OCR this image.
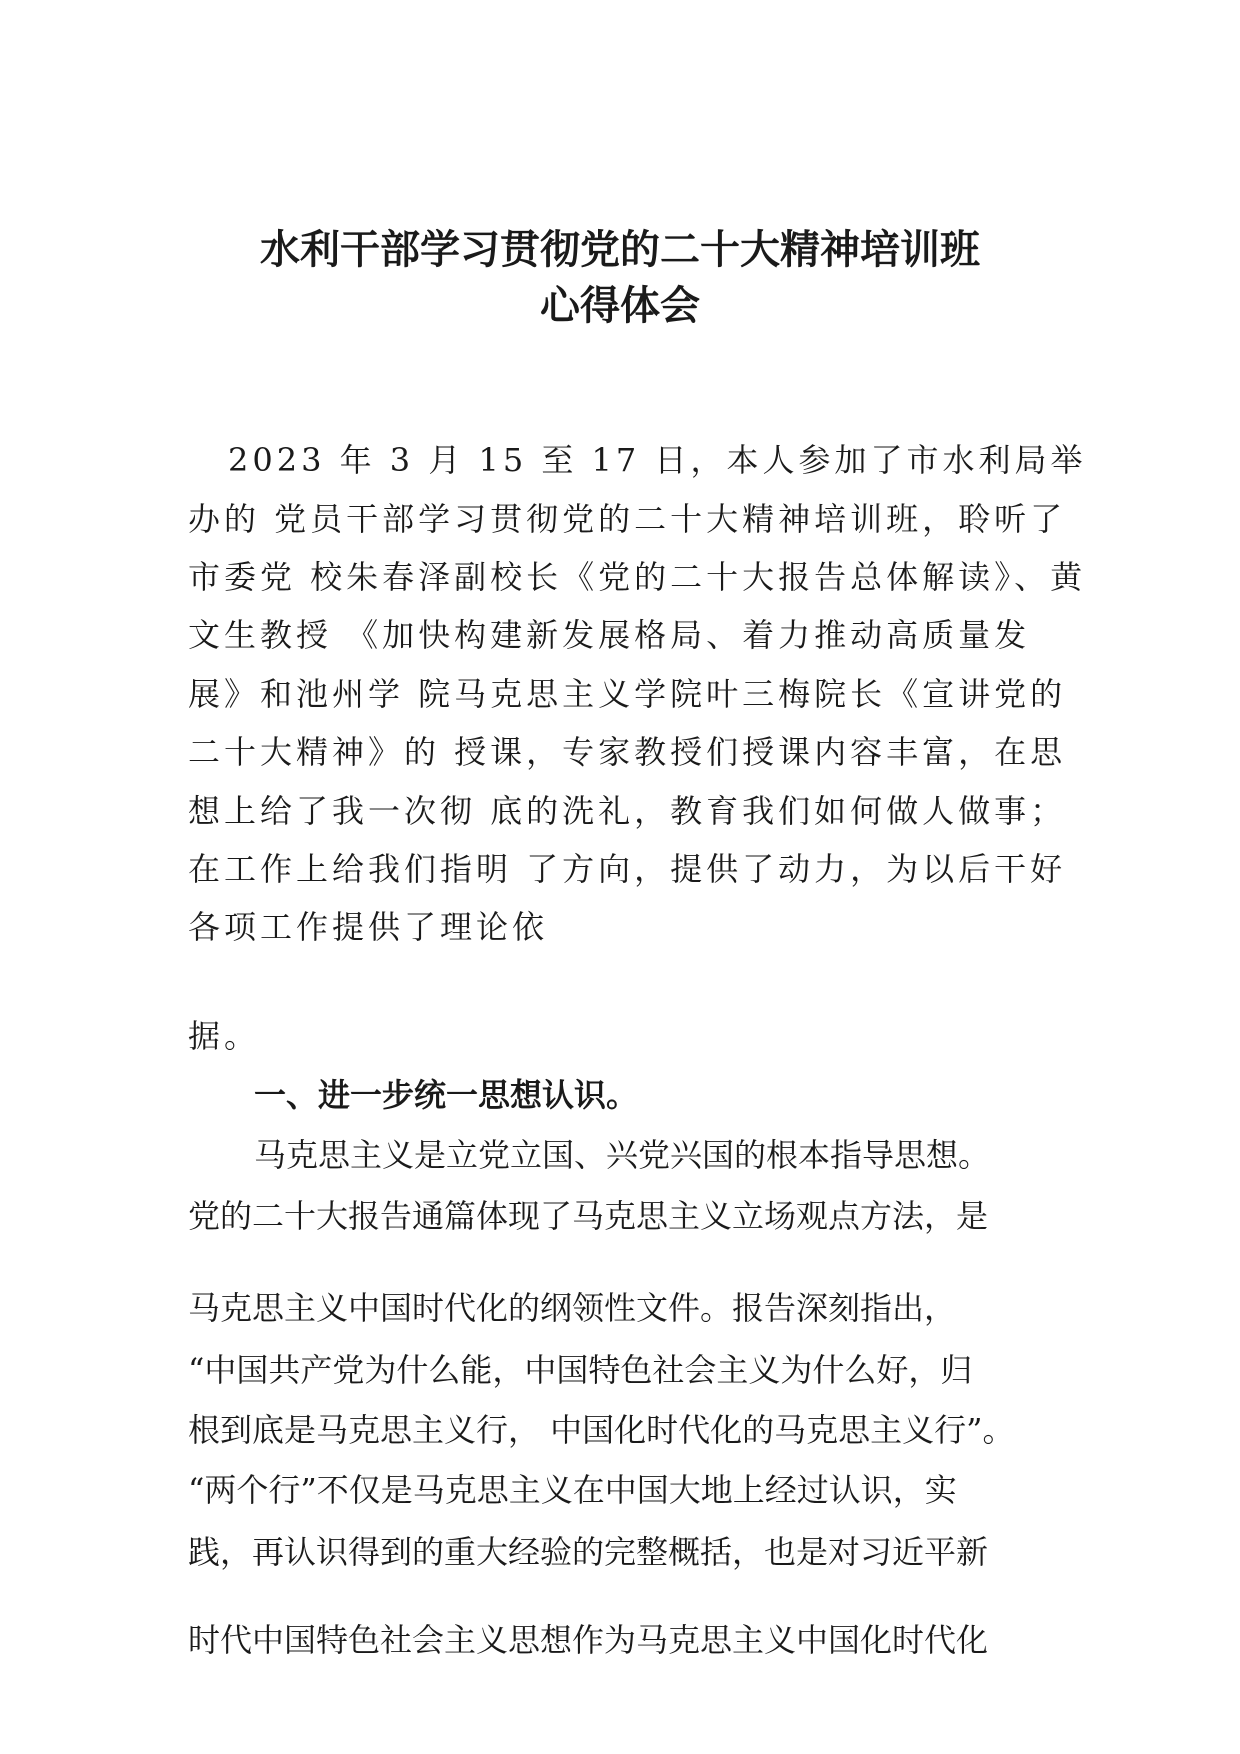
水利干部学习贯彻党的二十大精神培训班
心得体会
2023 年 3 月 15 至 17 日，本人参加了市水利局举
办的 党员干部学习贯彻党的二十大精神培训班，聆听了
市委党 校朱春泽副校长《党的二十大报告总体解读》、黄
文生教授 《加快构建新发展格局、着力推动高质量发
展》和池州学 院马克思主义学院叶三梅院长《宣讲党的
二十大精神》的 授课，专家教授们授课内容丰富，在思
想上给了我一次彻 底的洗礼，教育我们如何做人做事；
在工作上给我们指明 了方向，提供了动力，为以后干好
各项工作提供了理论依
据。
一、进一步统一思想认识。
马克思主义是立党立国、兴党兴国的根本指导思想。
党的二十大报告通篇体现了马克思主义立场观点方法，是
马克思主义中国时代化的纲领性文件。报告深刻指出，
“中国共产党为什么能，中国特色社会主义为什么好，归
根到底是马克思主义行， 中国化时代化的马克思主义行”。
“两个行”不仅是马克思主义在中国大地上经过认识，实
践，再认识得到的重大经验的完整概括，也是对习近平新
时代中国特色社会主义思想作为马克思主义中国化时代化
